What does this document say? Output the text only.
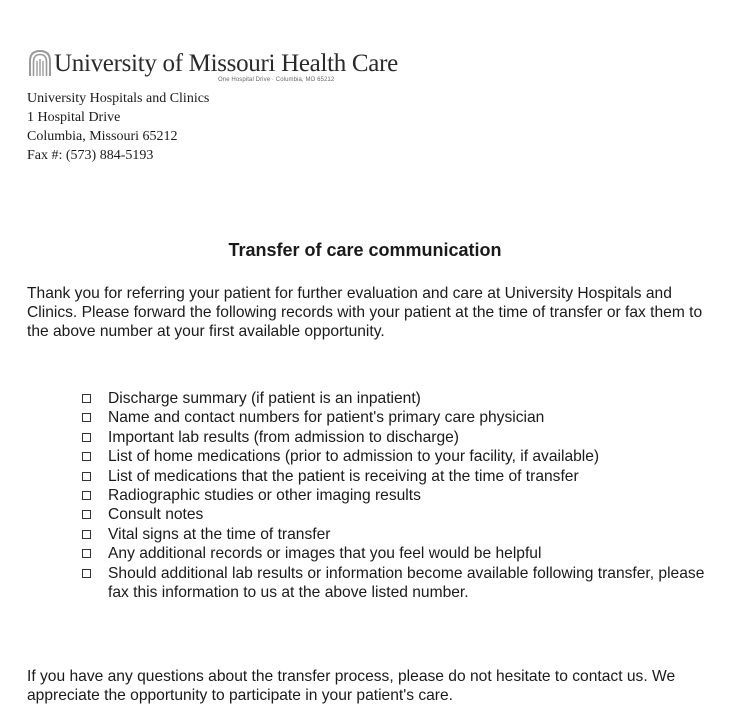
University of Missouri Health Care
One Hospital Drive · Columbia, MO 65212
University Hospitals and Clinics
1 Hospital Drive
Columbia, Missouri 65212
Fax #: (573) 884-5193
Transfer of care communication
Thank you for referring your patient for further evaluation and care at University Hospitals and Clinics. Please forward the following records with your patient at the time of transfer or fax them to the above number at your first available opportunity.
Discharge summary (if patient is an inpatient)
Name and contact numbers for patient's primary care physician
Important lab results (from admission to discharge)
List of home medications (prior to admission to your facility, if available)
List of medications that the patient is receiving at the time of transfer
Radiographic studies or other imaging results
Consult notes
Vital signs at the time of transfer
Any additional records or images that you feel would be helpful
Should additional lab results or information become available following transfer, please fax this information to us at the above listed number.
If you have any questions about the transfer process, please do not hesitate to contact us. We appreciate the opportunity to participate in your patient's care.
